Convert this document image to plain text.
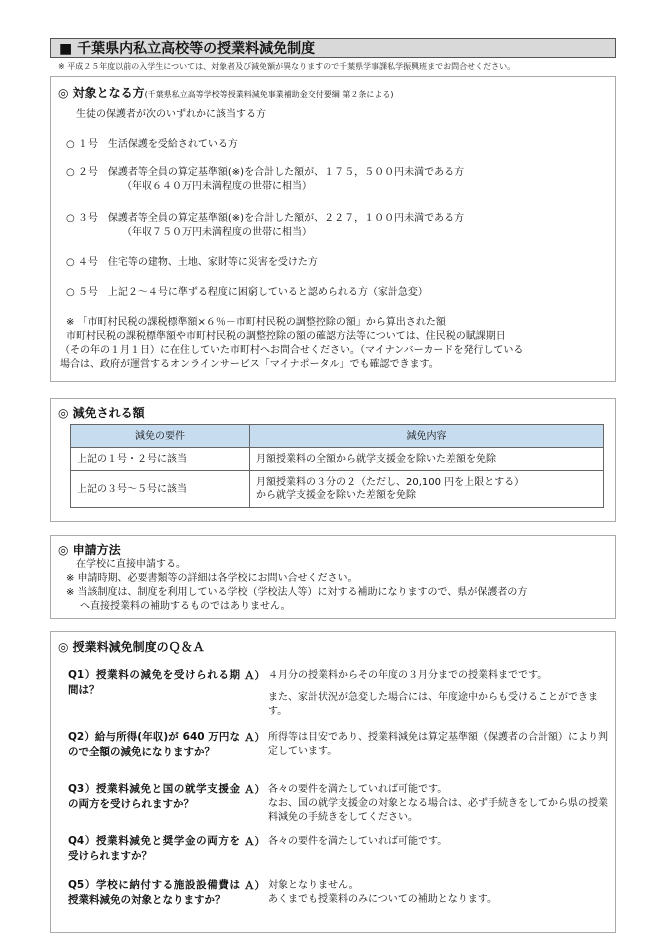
■ 千葉県内私立高校等の授業料減免制度
※ 平成２５年度以前の入学生については、対象者及び減免額が異なりますので千葉県学事課私学振興班までお問合せください。
◎ 対象となる方(千葉県私立高等学校等授業料減免事業補助金交付要綱 第２条による)
生徒の保護者が次のいずれかに該当する方
○ １号　生活保護を受給されている方
○ ２号　保護者等全員の算定基準額(※)を合計した額が、１７５，５００円未満である方
（年収６４０万円未満程度の世帯に相当）
○ ３号　保護者等全員の算定基準額(※)を合計した額が、２２７，１００円未満である方
（年収７５０万円未満程度の世帯に相当）
○ ４号　住宅等の建物、土地、家財等に災害を受けた方
○ ５号　上記２～４号に準ずる程度に困窮していると認められる方（家計急変）
※ 「市町村民税の課税標準額×６％－市町村民税の調整控除の額」から算出された額
市町村民税の課税標準額や市町村民税の調整控除の額の確認方法等については、住民税の賦課期日
（その年の１月１日）に在住していた市町村へお問合せください。（マイナンバーカードを発行している
場合は、政府が運営するオンラインサービス「マイナポータル」でも確認できます。
◎ 減免される額
減免の要件	減免内容
上記の１号・２号に該当	月額授業料の全額から就学支援金を除いた差額を免除
上記の３号～５号に該当	月額授業料の３分の２（ただし、20,100 円を上限とする）
から就学支援金を除いた差額を免除
◎ 申請方法
在学校に直接申請する。
※ 申請時期、必要書類等の詳細は各学校にお問い合せください。
※ 当該制度は、制度を利用している学校（学校法人等）に対する補助になりますので、県が保護者の方
へ直接授業料の補助するものではありません。
◎ 授業料減免制度のＱ＆Ａ
Q1）授業料の減免を受けられる期間は？
Ａ） ４月分の授業料からその年度の３月分までの授業料までです。
また、家計状況が急変した場合には、年度途中からも受けることができます。
Q2）給与所得(年収)が 640 万円なので全額の減免になりますか？
Ａ） 所得等は目安であり、授業料減免は算定基準額（保護者の合計額）により判定しています。
Q3）授業料減免と国の就学支援金の両方を受けられますか？
Ａ） 各々の要件を満たしていれば可能です。
なお、国の就学支援金の対象となる場合は、必ず手続きをしてから県の授業料減免の手続きをしてください。
Q4）授業料減免と奨学金の両方を受けられますか？
Ａ） 各々の要件を満たしていれば可能です。
Q5）学校に納付する施設設備費は授業料減免の対象となりますか？
Ａ） 対象となりません。
あくまでも授業料のみについての補助となります。
